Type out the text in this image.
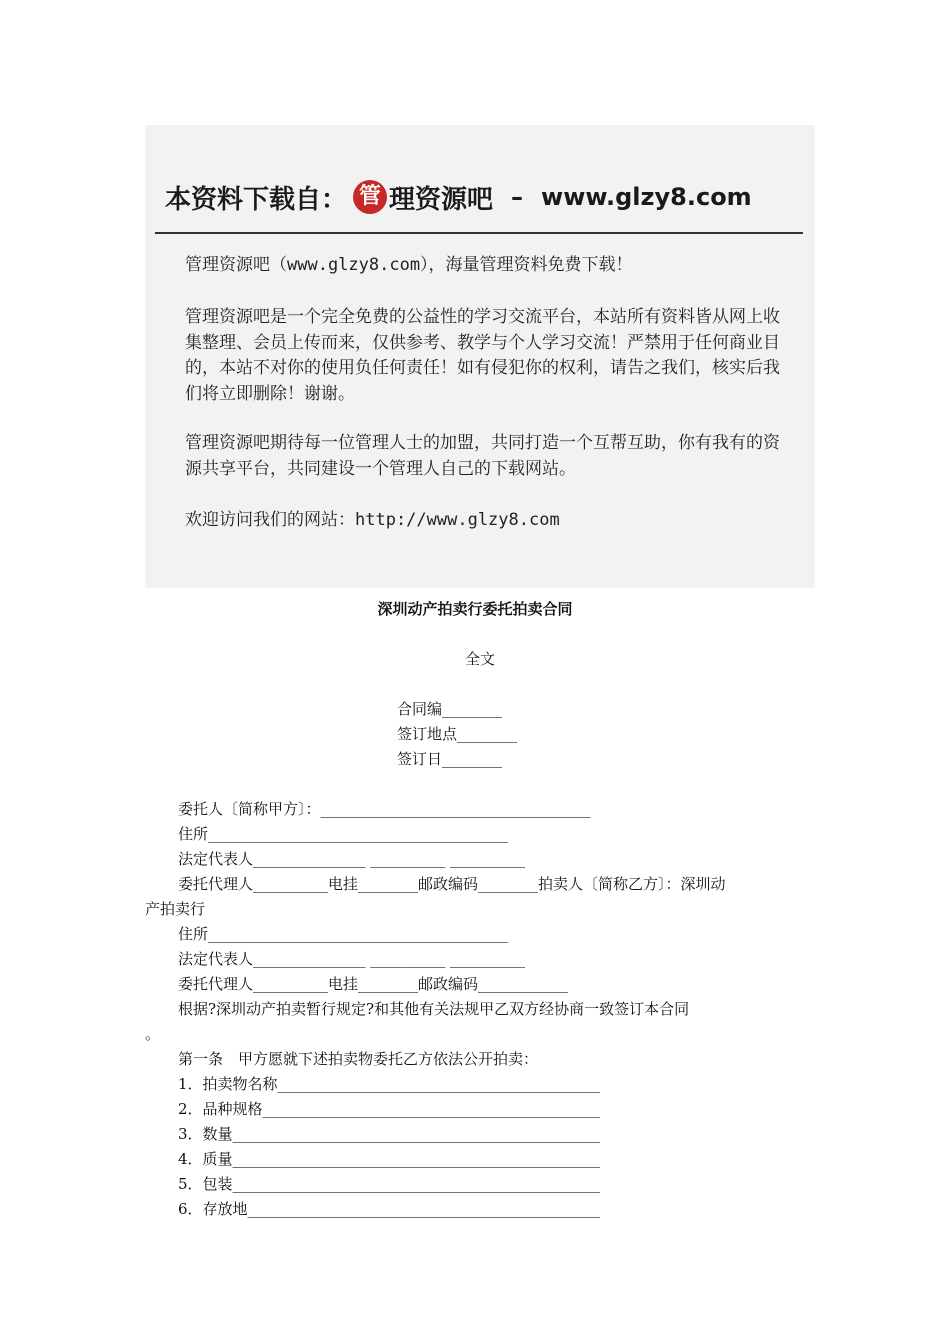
本资料下载自： 管 理资源吧 – www.glzy8.com
管理资源吧（www.glzy8.com），海量管理资料免费下载！
管理资源吧是一个完全免费的公益性的学习交流平台，本站所有资料皆从网上收集整理、会员上传而来，仅供参考、教学与个人学习交流！严禁用于任何商业目的，本站不对你的使用负任何责任！如有侵犯你的权利，请告之我们，核实后我们将立即删除！谢谢。
管理资源吧期待每一位管理人士的加盟，共同打造一个互帮互助，你有我有的资源共享平台，共同建设一个管理人自己的下载网站。
欢迎访问我们的网站：http://www.glzy8.com
深圳动产拍卖行委托拍卖合同
全文
合同编________
签订地点________
签订日________
委托人〔简称甲方〕：____________________________________
住所________________________________________
法定代表人_______________ __________ __________
委托代理人__________电挂________邮政编码________拍卖人〔简称乙方〕：深圳动
产拍卖行
住所________________________________________
法定代表人_______________ __________ __________
委托代理人__________电挂________邮政编码____________
根据?深圳动产拍卖暂行规定?和其他有关法规甲乙双方经协商一致签订本合同
。
第一条　甲方愿就下述拍卖物委托乙方依法公开拍卖：
1．拍卖物名称___________________________________________
2．品种规格_____________________________________________
3．数量_________________________________________________
4．质量_________________________________________________
5．包装_________________________________________________
6．存放地_______________________________________________
